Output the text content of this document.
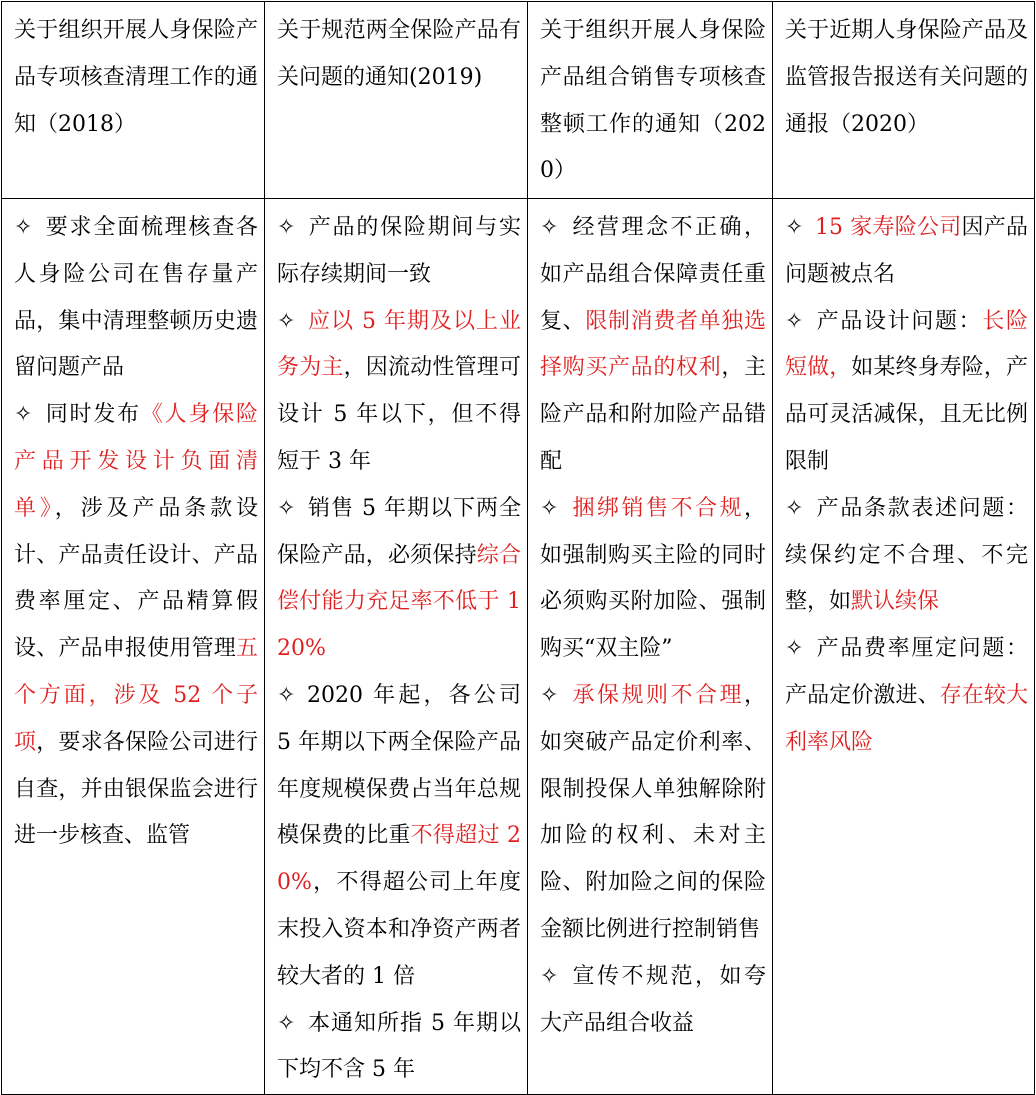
关于组织开展人身保险产品专项核查清理工作的通知（2018）	关于规范两全保险产品有关问题的通知(2019)	关于组织开展人身保险产品组合销售专项核查整顿工作的通知（2020）	关于近期人身保险产品及监管报告报送有关问题的通报（2020）

✧ 要求全面梳理核查各人身险公司在售存量产品，集中清理整顿历史遗留问题产品
✧ 同时发布《人身保险产品开发设计负面清单》，涉及产品条款设计、产品责任设计、产品费率厘定、产品精算假设、产品申报使用管理五个方面，涉及 52 个子项，要求各保险公司进行自查，并由银保监会进行进一步核查、监管	✧ 产品的保险期间与实际存续期间一致
✧ 应以 5 年期及以上业务为主，因流动性管理可设计 5 年以下，但不得短于 3 年
✧ 销售 5 年期以下两全保险产品，必须保持综合偿付能力充足率不低于 120%
✧ 2020 年起，各公司 5 年期以下两全保险产品年度规模保费占当年总规模保费的比重不得超过 20%，不得超公司上年度末投入资本和净资产两者较大者的 1 倍
✧ 本通知所指 5 年期以下均不含 5 年	✧ 经营理念不正确，如产品组合保障责任重复、限制消费者单独选择购买产品的权利，主险产品和附加险产品错配
✧ 捆绑销售不合规，如强制购买主险的同时必须购买附加险、强制购买“双主险”
✧ 承保规则不合理，如突破产品定价利率、限制投保人单独解除附加险的权利、未对主险、附加险之间的保险金额比例进行控制销售
✧ 宣传不规范，如夸大产品组合收益	✧ 15 家寿险公司因产品问题被点名
✧ 产品设计问题：长险短做，如某终身寿险，产品可灵活减保，且无比例限制
✧ 产品条款表述问题：续保约定不合理、不完整，如默认续保
✧ 产品费率厘定问题：产品定价激进、存在较大利率风险
